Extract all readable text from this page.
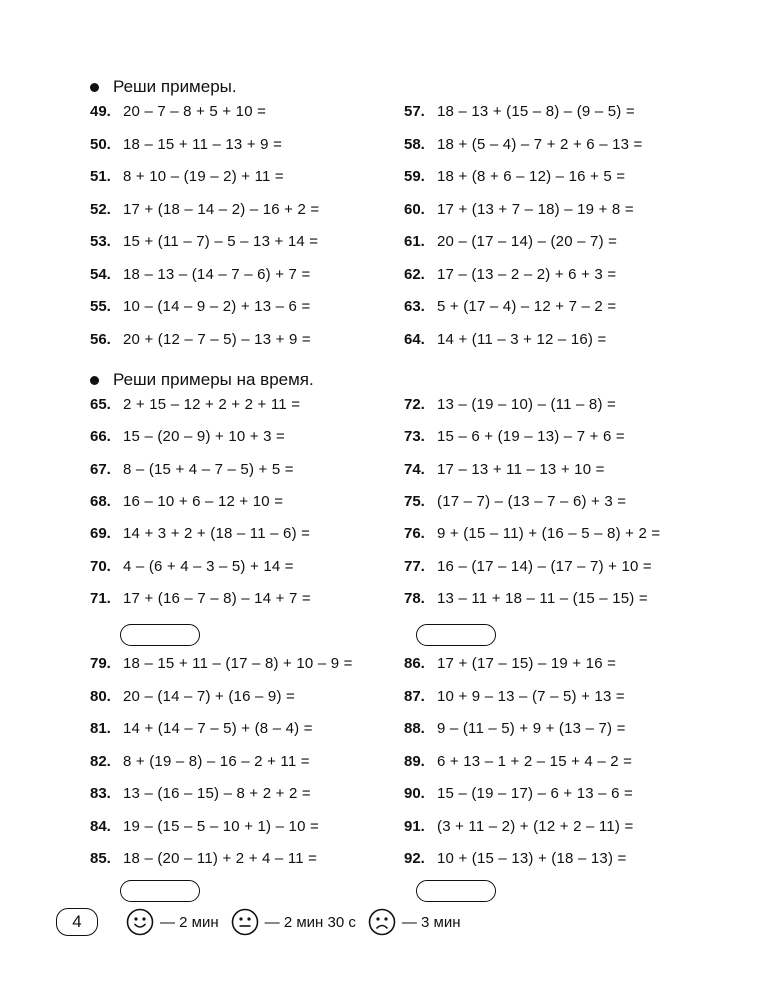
Реши примеры.
Реши примеры на время.
49. 20 – 7 – 8 + 5 + 10 =
50. 18 – 15 + 11 – 13 + 9 =
51. 8 + 10 – (19 – 2) + 11 =
52. 17 + (18 – 14 – 2) – 16 + 2 =
53. 15 + (11 – 7) – 5 – 13 + 14 =
54. 18 – 13 – (14 – 7 – 6) + 7 =
55. 10 – (14 – 9 – 2) + 13 – 6 =
56. 20 + (12 – 7 – 5) – 13 + 9 =
57. 18 – 13 + (15 – 8) – (9 – 5) =
58. 18 + (5 – 4) – 7 + 2 + 6 – 13 =
59. 18 + (8 + 6 – 12) – 16 + 5 =
60. 17 + (13 + 7 – 18) – 19 + 8 =
61. 20 – (17 – 14) – (20 – 7) =
62. 17 – (13 – 2 – 2) + 6 + 3 =
63. 5 + (17 – 4) – 12 + 7 – 2 =
64. 14 + (11 – 3 + 12 – 16) =
65. 2 + 15 – 12 + 2 + 2 + 11 =
66. 15 – (20 – 9) + 10 + 3 =
67. 8 – (15 + 4 – 7 – 5) + 5 =
68. 16 – 10 + 6 – 12 + 10 =
69. 14 + 3 + 2 + (18 – 11 – 6) =
70. 4 – (6 + 4 – 3 – 5) + 14 =
71. 17 + (16 – 7 – 8) – 14 + 7 =
72. 13 – (19 – 10) – (11 – 8) =
73. 15 – 6 + (19 – 13) – 7 + 6 =
74. 17 – 13 + 11 – 13 + 10 =
75. (17 – 7) – (13 – 7 – 6) + 3 =
76. 9 + (15 – 11) + (16 – 5 – 8) + 2 =
77. 16 – (17 – 14) – (17 – 7) + 10 =
78. 13 – 11 + 18 – 11 – (15 – 15) =
79. 18 – 15 + 11 – (17 – 8) + 10 – 9 =
80. 20 – (14 – 7) + (16 – 9) =
81. 14 + (14 – 7 – 5) + (8 – 4) =
82. 8 + (19 – 8) – 16 – 2 + 11 =
83. 13 – (16 – 15) – 8 + 2 + 2 =
84. 19 – (15 – 5 – 10 + 1) – 10 =
85. 18 – (20 – 11) + 2 + 4 – 11 =
86. 17 + (17 – 15) – 19 + 16 =
87. 10 + 9 – 13 – (7 – 5) + 13 =
88. 9 – (11 – 5) + 9 + (13 – 7) =
89. 6 + 13 – 1 + 2 – 15 + 4 – 2 =
90. 15 – (19 – 17) – 6 + 13 – 6 =
91. (3 + 11 – 2) + (12 + 2 – 11) =
92. 10 + (15 – 13) + (18 – 13) =
4	— 2 мин	— 2 мин 30 с	— 3 мин
